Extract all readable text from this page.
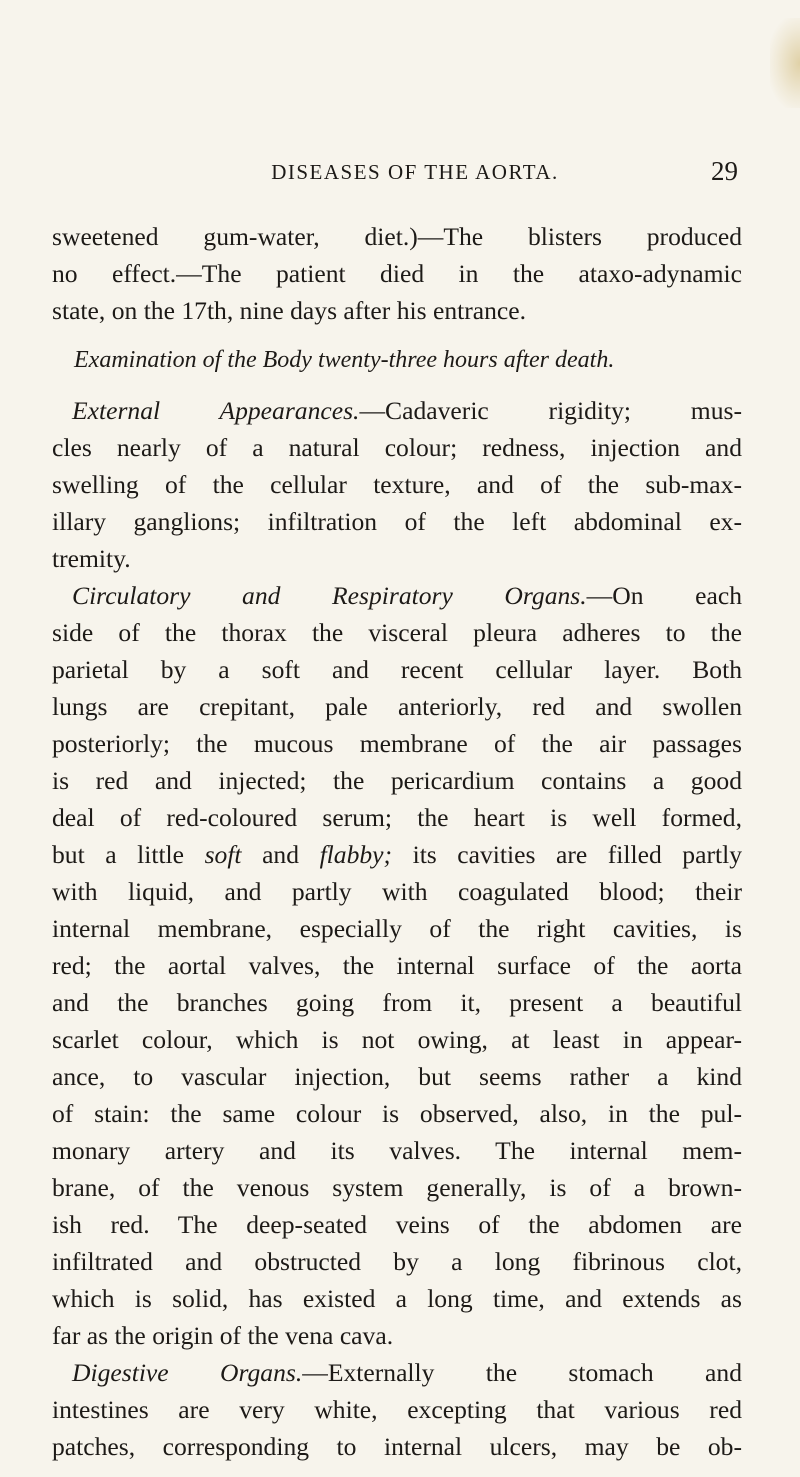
DISEASES OF THE AORTA.	29
sweetened gum-water, diet.)—The blisters produced
no effect.—The patient died in the ataxo-adynamic
state, on the 17th, nine days after his entrance.
Examination of the Body twenty-three hours after death.
External Appearances.—Cadaveric rigidity; mus-
cles nearly of a natural colour; redness, injection and
swelling of the cellular texture, and of the sub-max-
illary ganglions; infiltration of the left abdominal ex-
tremity.
Circulatory and Respiratory Organs.—On each
side of the thorax the visceral pleura adheres to the
parietal by a soft and recent cellular layer. Both
lungs are crepitant, pale anteriorly, red and swollen
posteriorly; the mucous membrane of the air passages
is red and injected; the pericardium contains a good
deal of red-coloured serum; the heart is well formed,
but a little soft and flabby; its cavities are filled partly
with liquid, and partly with coagulated blood; their
internal membrane, especially of the right cavities, is
red; the aortal valves, the internal surface of the aorta
and the branches going from it, present a beautiful
scarlet colour, which is not owing, at least in appear-
ance, to vascular injection, but seems rather a kind
of stain: the same colour is observed, also, in the pul-
monary artery and its valves. The internal mem-
brane, of the venous system generally, is of a brown-
ish red. The deep-seated veins of the abdomen are
infiltrated and obstructed by a long fibrinous clot,
which is solid, has existed a long time, and extends as
far as the origin of the vena cava.
Digestive Organs.—Externally the stomach and
intestines are very white, excepting that various red
patches, corresponding to internal ulcers, may be ob-
